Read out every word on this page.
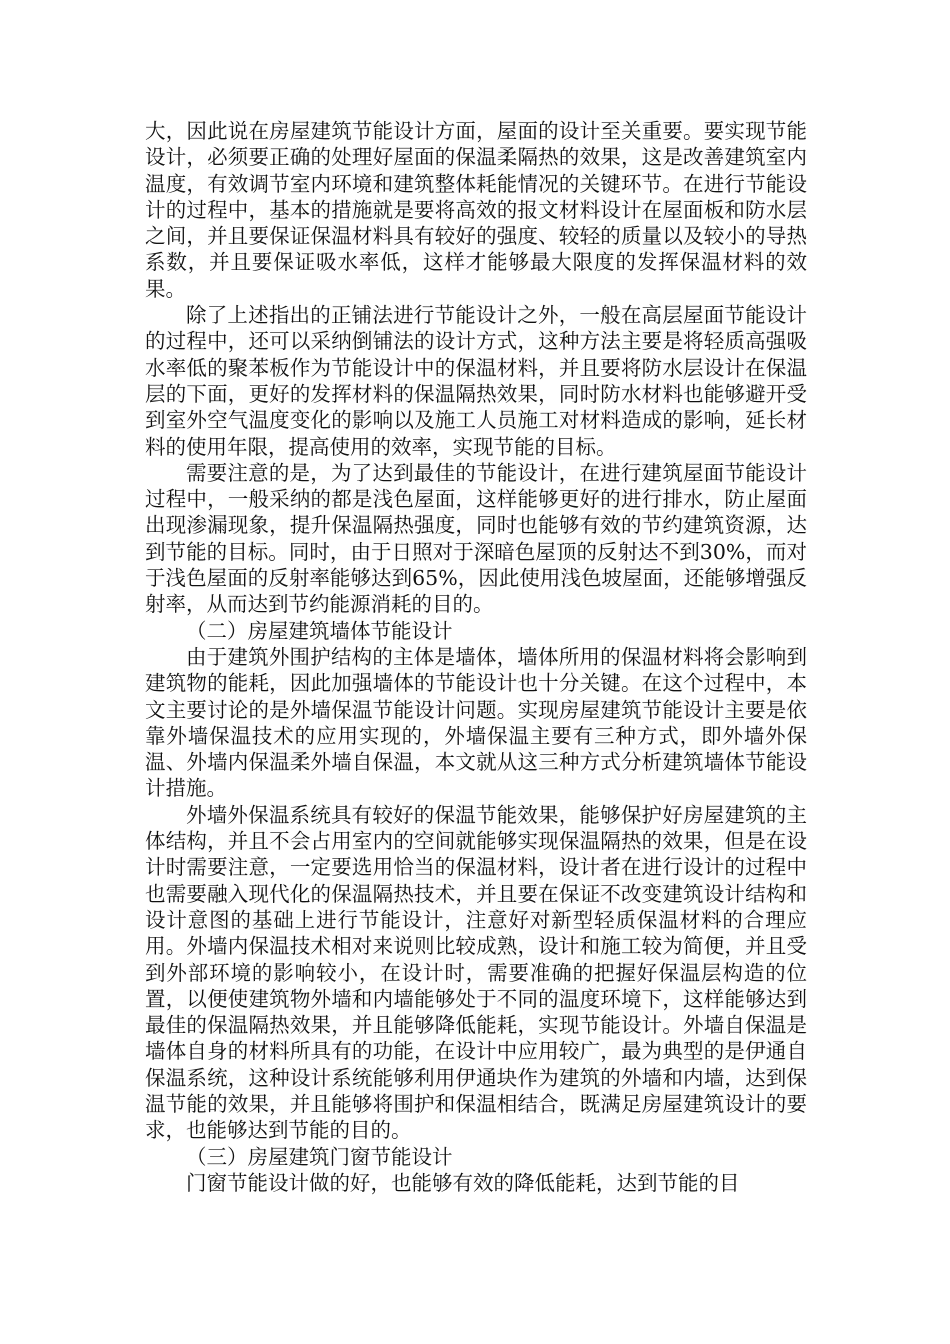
大，因此说在房屋建筑节能设计方面，屋面的设计至关重要。要实现节能设计，必须要正确的处理好屋面的保温柔隔热的效果，这是改善建筑室内温度，有效调节室内环境和建筑整体耗能情况的关键环节。在进行节能设计的过程中，基本的措施就是要将高效的报文材料设计在屋面板和防水层之间，并且要保证保温材料具有较好的强度、较轻的质量以及较小的导热系数，并且要保证吸水率低，这样才能够最大限度的发挥保温材料的效果。

除了上述指出的正铺法进行节能设计之外，一般在高层屋面节能设计的过程中，还可以采纳倒铺法的设计方式，这种方法主要是将轻质高强吸水率低的聚苯板作为节能设计中的保温材料，并且要将防水层设计在保温层的下面，更好的发挥材料的保温隔热效果，同时防水材料也能够避开受到室外空气温度变化的影响以及施工人员施工对材料造成的影响，延长材料的使用年限，提高使用的效率，实现节能的目标。

需要注意的是，为了达到最佳的节能设计，在进行建筑屋面节能设计过程中，一般采纳的都是浅色屋面，这样能够更好的进行排水，防止屋面出现渗漏现象，提升保温隔热强度，同时也能够有效的节约建筑资源，达到节能的目标。同时，由于日照对于深暗色屋顶的反射达不到30%，而对于浅色屋面的反射率能够达到65%，因此使用浅色坡屋面，还能够增强反射率，从而达到节约能源消耗的目的。

（二）房屋建筑墙体节能设计

由于建筑外围护结构的主体是墙体，墙体所用的保温材料将会影响到建筑物的能耗，因此加强墙体的节能设计也十分关键。在这个过程中，本文主要讨论的是外墙保温节能设计问题。实现房屋建筑节能设计主要是依靠外墙保温技术的应用实现的，外墙保温主要有三种方式，即外墙外保温、外墙内保温柔外墙自保温，本文就从这三种方式分析建筑墙体节能设计措施。

外墙外保温系统具有较好的保温节能效果，能够保护好房屋建筑的主体结构，并且不会占用室内的空间就能够实现保温隔热的效果，但是在设计时需要注意，一定要选用恰当的保温材料，设计者在进行设计的过程中也需要融入现代化的保温隔热技术，并且要在保证不改变建筑设计结构和设计意图的基础上进行节能设计，注意好对新型轻质保温材料的合理应用。外墙内保温技术相对来说则比较成熟，设计和施工较为简便，并且受到外部环境的影响较小，在设计时，需要准确的把握好保温层构造的位置，以便使建筑物外墙和内墙能够处于不同的温度环境下，这样能够达到最佳的保温隔热效果，并且能够降低能耗，实现节能设计。外墙自保温是墙体自身的材料所具有的功能，在设计中应用较广，最为典型的是伊通自保温系统，这种设计系统能够利用伊通块作为建筑的外墙和内墙，达到保温节能的效果，并且能够将围护和保温相结合，既满足房屋建筑设计的要求，也能够达到节能的目的。

（三）房屋建筑门窗节能设计

门窗节能设计做的好，也能够有效的降低能耗，达到节能的目
